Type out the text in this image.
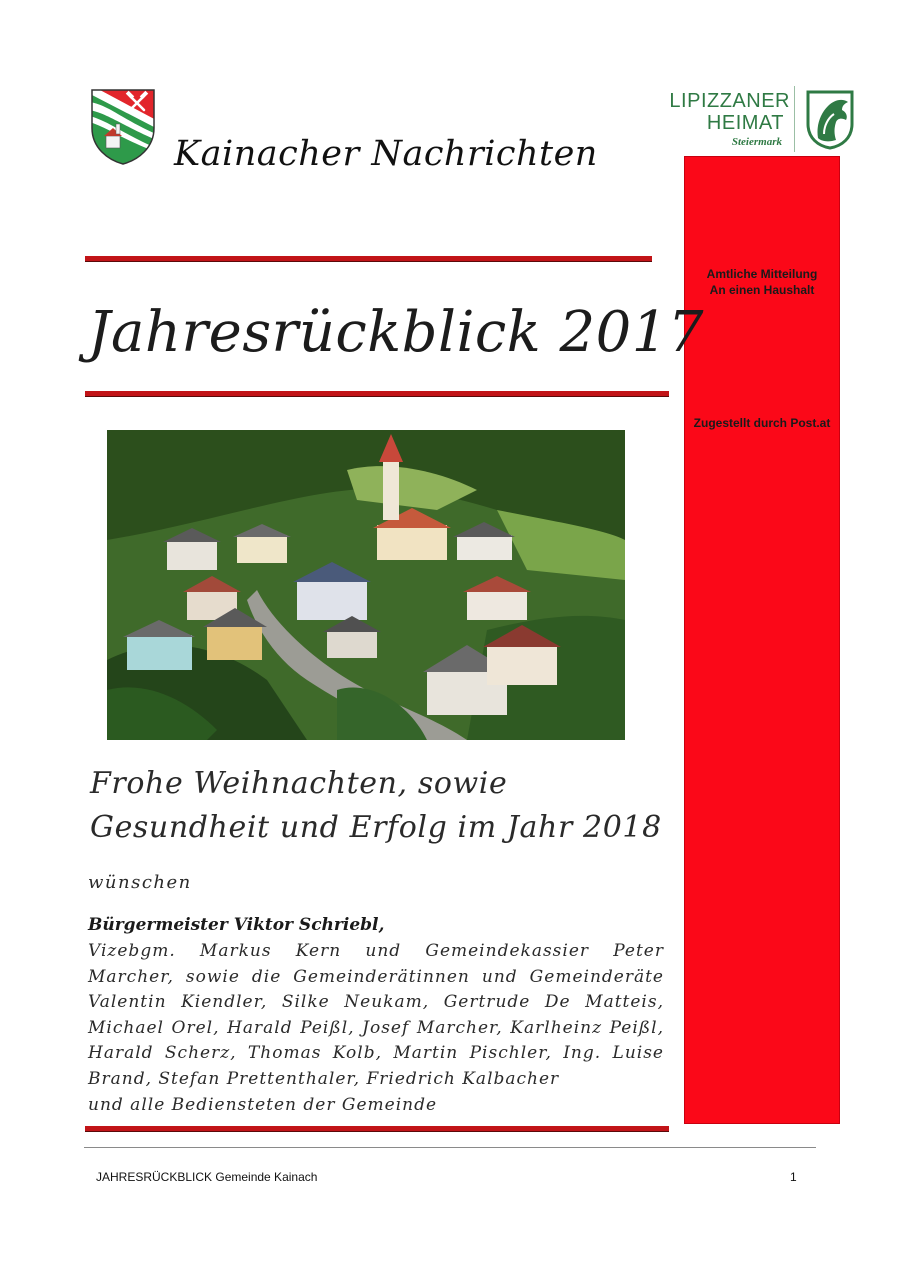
Kainacher Nachrichten
LIPIZZANER
HEIMAT
Steiermark
Amtliche Mitteilung
An einen Haushalt
Zugestellt durch Post.at
Jahresrückblick 2017
Frohe Weihnachten, sowie
Gesundheit und Erfolg im Jahr 2018
wünschen
Bürgermeister Viktor Schriebl,
Vizebgm. Markus Kern und Gemeindekassier Peter Marcher, sowie die Gemeinderätinnen und Gemeinderäte Valentin Kiendler, Silke Neukam, Gertrude De Matteis, Michael Orel, Harald Peißl, Josef Marcher, Karlheinz Peißl, Harald Scherz, Thomas Kolb, Martin Pischler, Ing. Luise Brand, Stefan Prettenthaler, Friedrich Kalbacher
und alle Bediensteten der Gemeinde
JAHRESRÜCKBLICK Gemeinde Kainach	1
